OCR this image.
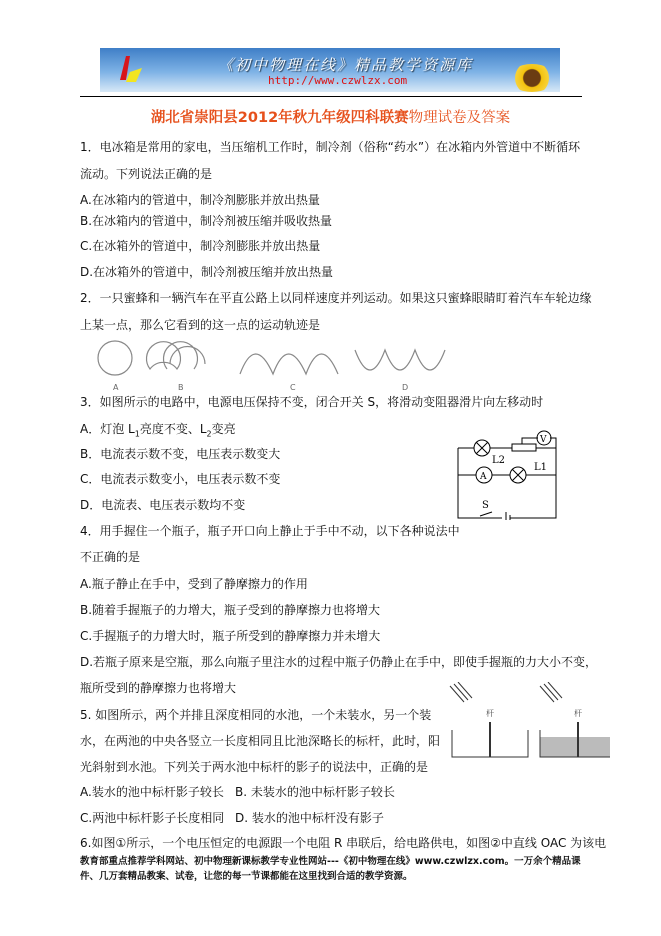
《初中物理在线》精品教学资源库
http://www.czwlzx.com
湖北省崇阳县2012年秋九年级四科联赛物理试卷及答案
1．电冰箱是常用的家电，当压缩机工作时，制冷剂（俗称“药水”）在冰箱内外管道中不断循环
流动。下列说法正确的是
A.在冰箱内的管道中，制冷剂膨胀并放出热量
B.在冰箱内的管道中，制冷剂被压缩并吸收热量
C.在冰箱外的管道中，制冷剂膨胀并放出热量
D.在冰箱外的管道中，制冷剂被压缩并放出热量
2．一只蜜蜂和一辆汽车在平直公路上以同样速度并列运动。如果这只蜜蜂眼睛盯着汽车车轮边缘
上某一点，那么它看到的这一点的运动轨迹是
A	B	C	D
3．如图所示的电路中，电源电压保持不变，闭合开关 S，将滑动变阻器滑片向左移动时
A．灯泡 $L_1$亮度不变、$L_2$变亮
B．电流表示数不变，电压表示数变大
C．电流表示数变小，电压表示数不变
D．电流表、电压表示数均不变
V
A
L2
L1
S
4．用手握住一个瓶子，瓶子开口向上静止于手中不动，以下各种说法中
不正确的是
A.瓶子静止在手中，受到了静摩擦力的作用
B.随着手握瓶子的力增大，瓶子受到的静摩擦力也将增大
C.手握瓶子的力增大时，瓶子所受到的静摩擦力并未增大
D.若瓶子原来是空瓶，那么向瓶子里注水的过程中瓶子仍静止在手中，即使手握瓶的力大小不变，
瓶所受到的静摩擦力也将增大
杆	杆
5. 如图所示，两个并排且深度相同的水池，一个未装水，另一个装
水，在两池的中央各竖立一长度相同且比池深略长的标杆，此时，阳
光斜射到水池。下列关于两水池中标杆的影子的说法中，正确的是
A.装水的池中标杆影子较长 B. 未装水的池中标杆影子较长
C.两池中标杆影子长度相同 D. 装水的池中标杆没有影子
6.如图①所示，一个电压恒定的电源跟一个电阻 R 串联后，给电路供电，如图②中直线 OAC 为该电
教育部重点推荐学科网站、初中物理新课标教学专业性网站---《初中物理在线》www.czwlzx.com。一万余个精品课
件、几万套精品教案、试卷，让您的每一节课都能在这里找到合适的教学资源。
